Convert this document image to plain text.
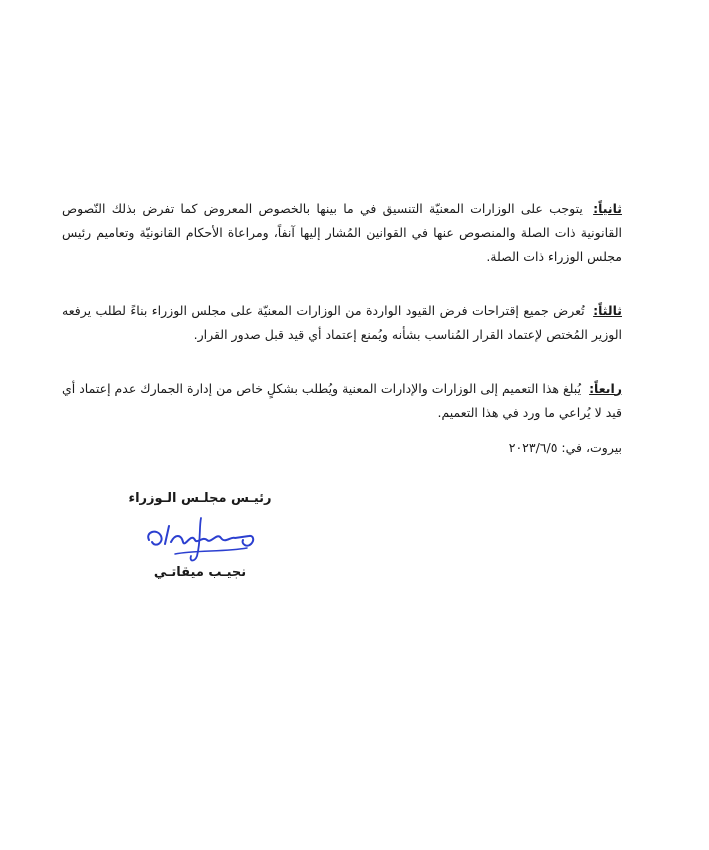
ثانياً: يتوجب على الوزارات المعنيّة التنسيق في ما بينها بالخصوص المعروض كما تفرض بذلك النّصوص القانونية ذات الصلة والمنصوص عنها في القوانين المُشار إليها آنفاً، ومراعاة الأحكام القانونيّة وتعاميم رئيس مجلس الوزراء ذات الصلة.

ثالثاً: تُعرض جميع إقتراحات فرض القيود الواردة من الوزارات المعنيّة على مجلس الوزراء بناءً لطلب يرفعه الوزير المُختص لإعتماد القرار المُناسب بشأنه ويُمنع إعتماد أي قيد قبل صدور القرار.

رابعاً: يُبلغ هذا التعميم إلى الوزارات والإدارات المعنية ويُطلب بشكلٍ خاص من إدارة الجمارك عدم إعتماد أي قيد لا يُراعي ما ورد في هذا التعميم.

بيروت، في: ٢٠٢٣/٦/٥
رئيـس مجلـس الـوزراء
نجيـب ميقاتـي
